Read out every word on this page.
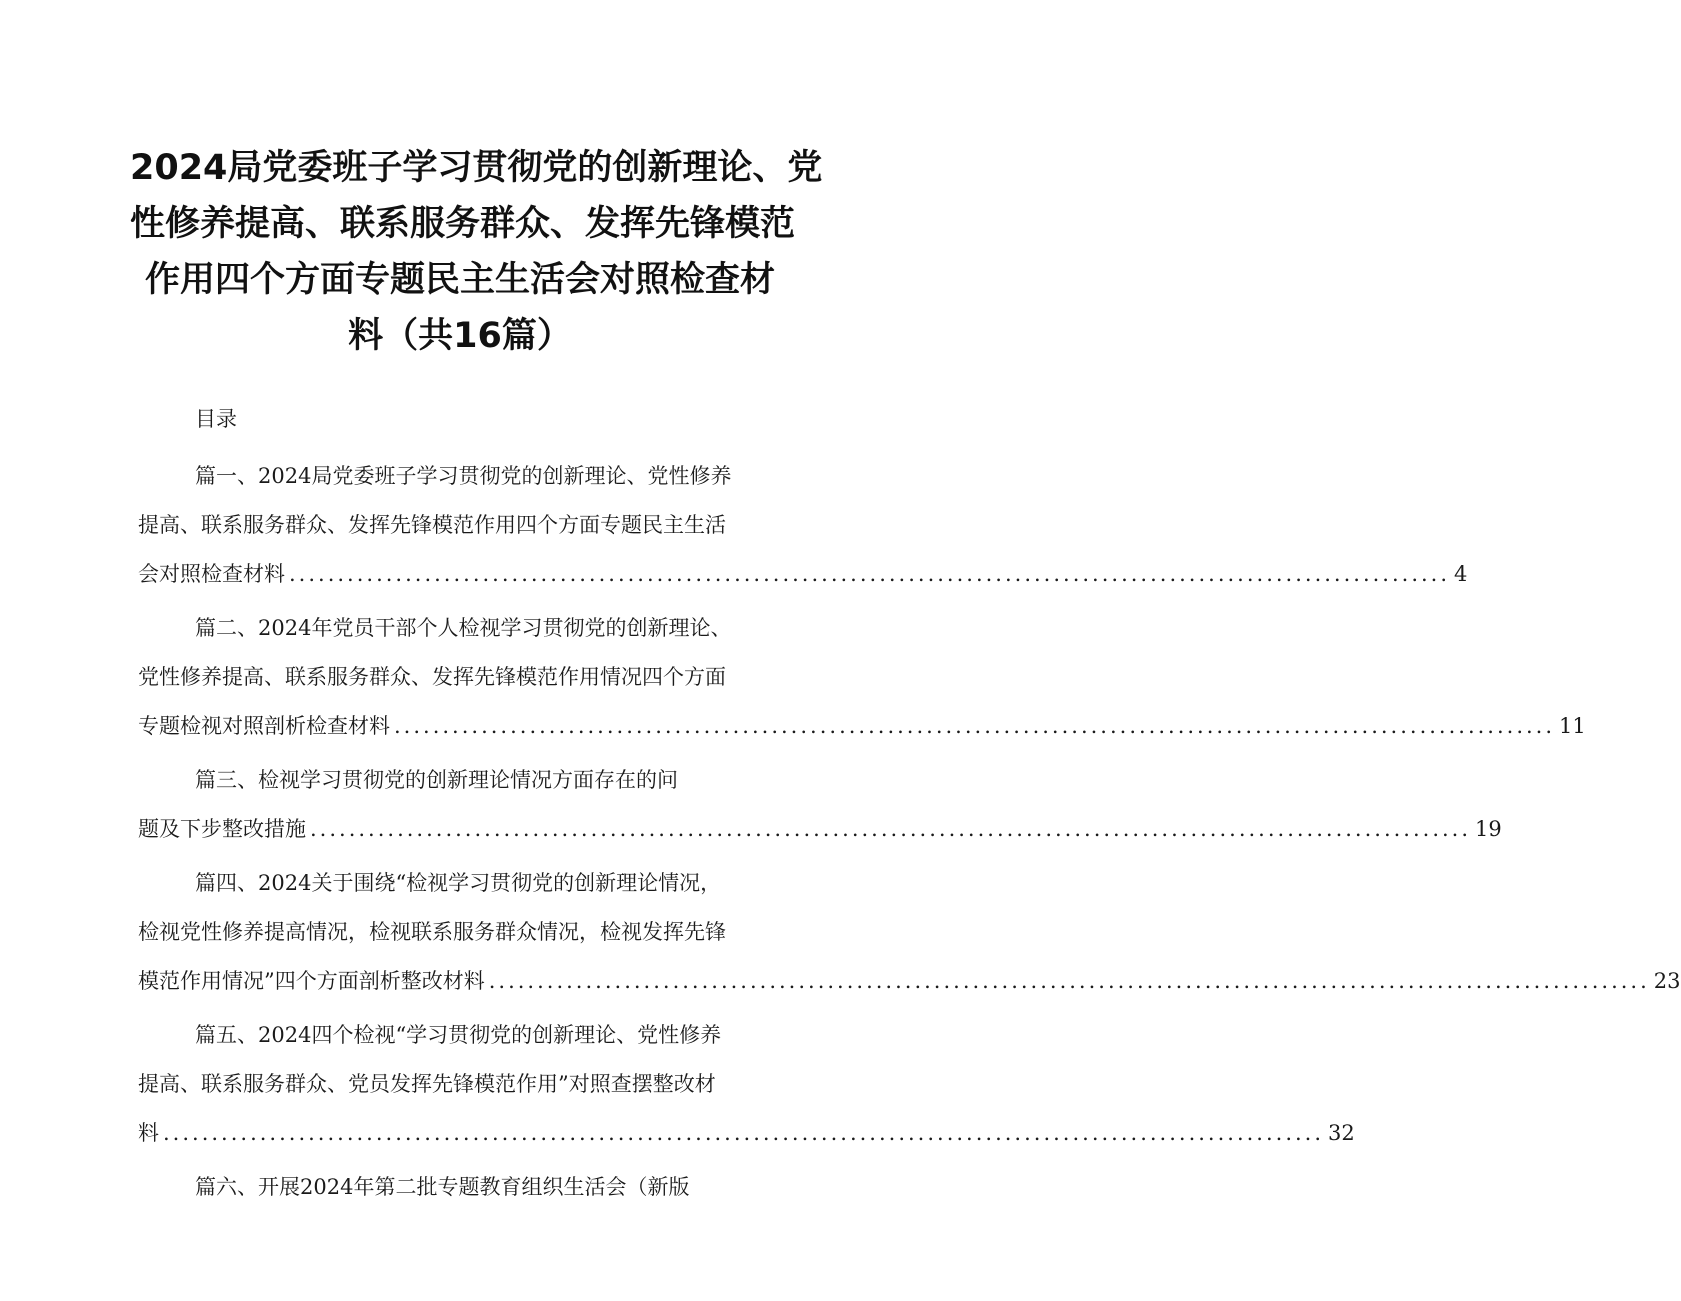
2024局党委班子学习贯彻党的创新理论、党
性修养提高、联系服务群众、发挥先锋模范
作用四个方面专题民主生活会对照检查材
料（共16篇）
目录
篇一、2024局党委班子学习贯彻党的创新理论、党性修养
提高、联系服务群众、发挥先锋模范作用四个方面专题民主生活
会对照检查材料 ........................................................................................................................ 4
篇二、2024年党员干部个人检视学习贯彻党的创新理论、
党性修养提高、联系服务群众、发挥先锋模范作用情况四个方面
专题检视对照剖析检查材料 ........................................................................................................................ 11
篇三、检视学习贯彻党的创新理论情况方面存在的问
题及下步整改措施 ........................................................................................................................ 19
篇四、2024关于围绕“检视学习贯彻党的创新理论情况，
检视党性修养提高情况，检视联系服务群众情况，检视发挥先锋
模范作用情况”四个方面剖析整改材料 ........................................................................................................................ 23
篇五、2024四个检视“学习贯彻党的创新理论、党性修养
提高、联系服务群众、党员发挥先锋模范作用”对照查摆整改材
料 ........................................................................................................................ 32
篇六、开展2024年第二批专题教育组织生活会（新版
